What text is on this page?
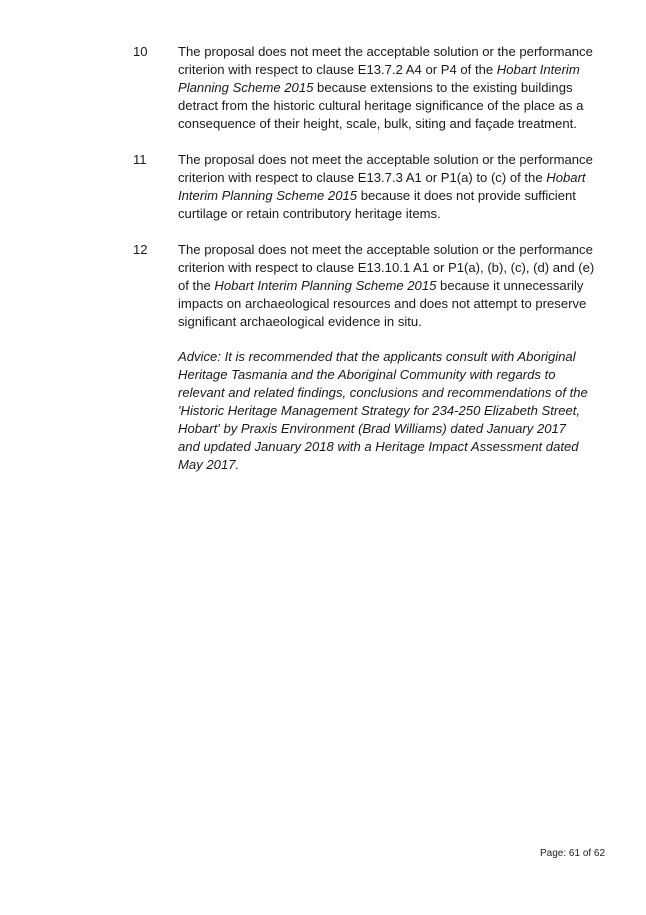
10	The proposal does not meet the acceptable solution or the performance
criterion with respect to clause E13.7.2 A4 or P4 of the Hobart Interim
Planning Scheme 2015 because extensions to the existing buildings
detract from the historic cultural heritage significance of the place as a
consequence of their height, scale, bulk, siting and façade treatment.
11	The proposal does not meet the acceptable solution or the performance
criterion with respect to clause E13.7.3 A1 or P1(a) to (c) of the Hobart
Interim Planning Scheme 2015 because it does not provide sufficient
curtilage or retain contributory heritage items.
12	The proposal does not meet the acceptable solution or the performance
criterion with respect to clause E13.10.1 A1 or P1(a), (b), (c), (d) and (e)
of the Hobart Interim Planning Scheme 2015 because it unnecessarily
impacts on archaeological resources and does not attempt to preserve
significant archaeological evidence in situ.
Advice: It is recommended that the applicants consult with Aboriginal
Heritage Tasmania and the Aboriginal Community with regards to
relevant and related findings, conclusions and recommendations of the
'Historic Heritage Management Strategy for 234-250 Elizabeth Street,
Hobart' by Praxis Environment (Brad Williams) dated January 2017
and updated January 2018 with a Heritage Impact Assessment dated
May 2017.
Page: 61 of 62
